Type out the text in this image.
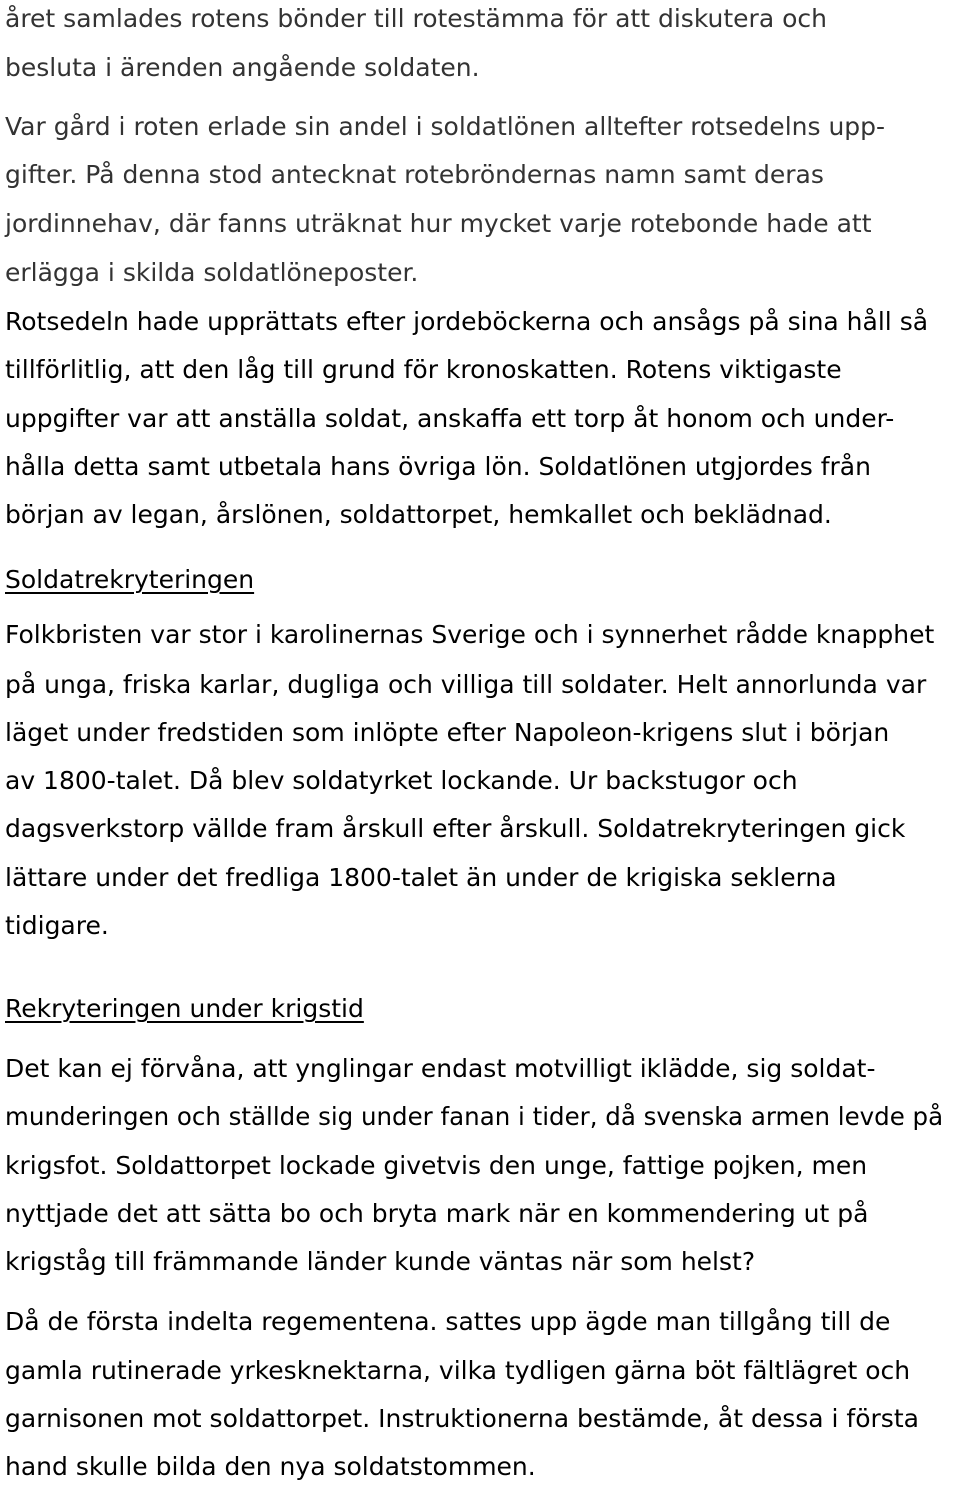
året samlades rotens bönder till rotestämma för att diskutera och
besluta i ärenden angående soldaten.
Var gård i roten erlade sin andel i soldatlönen alltefter rotsedelns upp-
gifter. På denna stod antecknat rotebröndernas namn samt deras
jordinnehav, där fanns uträknat hur mycket varje rotebonde hade att
erlägga i skilda soldatlöneposter.
Rotsedeln hade upprättats efter jordeböckerna och ansågs på sina håll så
tillförlitlig, att den låg till grund för kronoskatten. Rotens viktigaste
uppgifter var att anställa soldat, anskaffa ett torp åt honom och under-
hålla detta samt utbetala hans övriga lön. Soldatlönen utgjordes från
början av legan, årslönen, soldattorpet, hemkallet och beklädnad.
Soldatrekryteringen
Folkbristen var stor i karolinernas Sverige och i synnerhet rådde knapphet
på unga, friska karlar, dugliga och villiga till soldater. Helt annorlunda var
läget under fredstiden som inlöpte efter Napoleon-krigens slut i början
av 1800-talet. Då blev soldatyrket lockande. Ur backstugor och
dagsverkstorp vällde fram årskull efter årskull. Soldatrekryteringen gick
lättare under det fredliga 1800-talet än under de krigiska seklerna
tidigare.
Rekryteringen under krigstid
Det kan ej förvåna, att ynglingar endast motvilligt iklädde, sig soldat-
munderingen och ställde sig under fanan i tider, då svenska armen levde på
krigsfot. Soldattorpet lockade givetvis den unge, fattige pojken, men
nyttjade det att sätta bo och bryta mark när en kommendering ut på
krigståg till främmande länder kunde väntas när som helst?
Då de första indelta regementena. sattes upp ägde man tillgång till de
gamla rutinerade yrkesknektarna, vilka tydligen gärna böt fältlägret och
garnisonen mot soldattorpet. Instruktionerna bestämde, åt dessa i första
hand skulle bilda den nya soldatstommen.
